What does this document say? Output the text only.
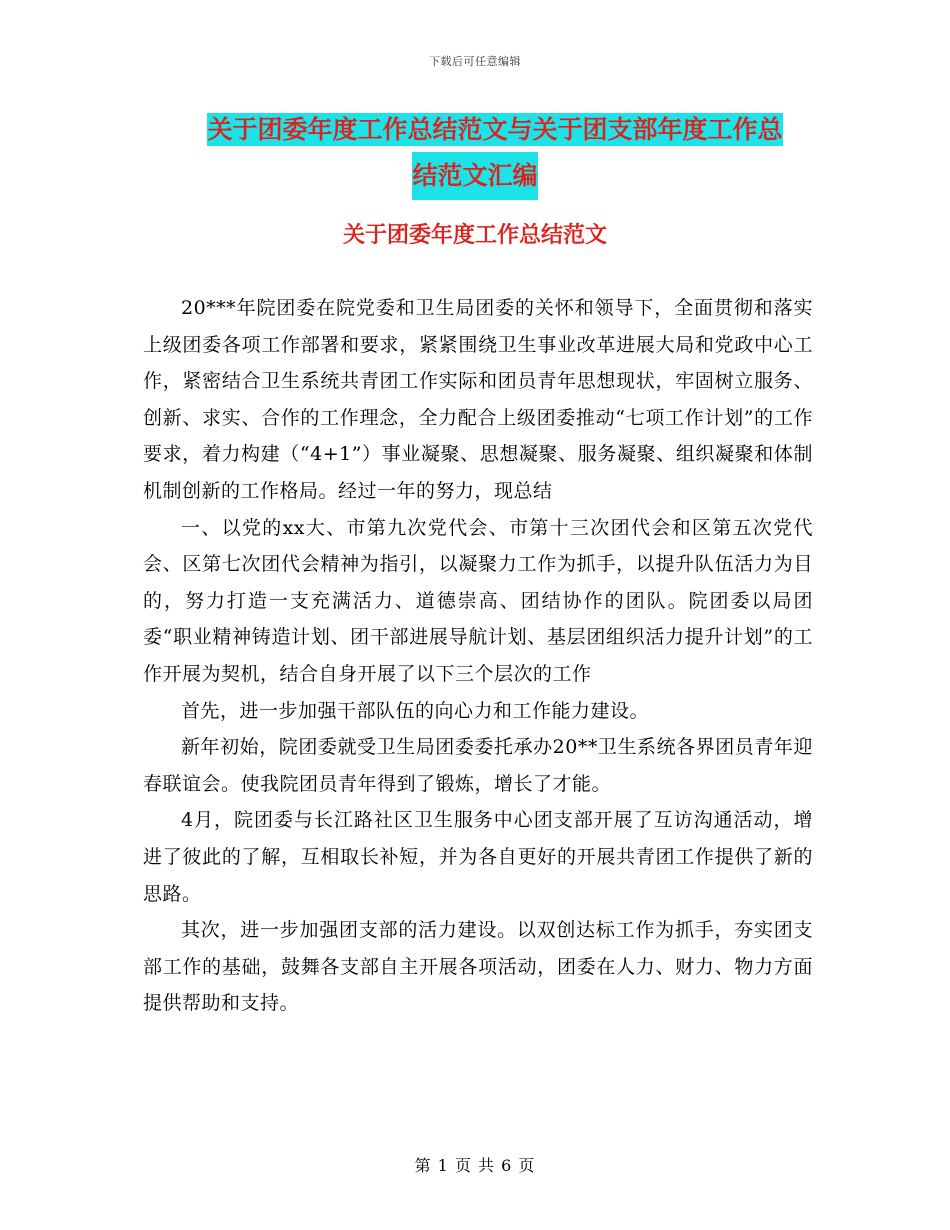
下载后可任意编辑
关于团委年度工作总结范文与关于团支部年度工作总
结范文汇编
关于团委年度工作总结范文

20***年院团委在院党委和卫生局团委的关怀和领导下，全面贯彻和落实上级团委各项工作部署和要求，紧紧围绕卫生事业改革进展大局和党政中心工作，紧密结合卫生系统共青团工作实际和团员青年思想现状，牢固树立服务、创新、求实、合作的工作理念，全力配合上级团委推动“七项工作计划”的工作要求，着力构建（“4+1”）事业凝聚、思想凝聚、服务凝聚、组织凝聚和体制机制创新的工作格局。经过一年的努力，现总结

一、以党的xx大、市第九次党代会、市第十三次团代会和区第五次党代会、区第七次团代会精神为指引，以凝聚力工作为抓手，以提升队伍活力为目的，努力打造一支充满活力、道德崇高、团结协作的团队。院团委以局团委“职业精神铸造计划、团干部进展导航计划、基层团组织活力提升计划”的工作开展为契机，结合自身开展了以下三个层次的工作

首先，进一步加强干部队伍的向心力和工作能力建设。

新年初始，院团委就受卫生局团委委托承办20**卫生系统各界团员青年迎春联谊会。使我院团员青年得到了锻炼，增长了才能。

4月，院团委与长江路社区卫生服务中心团支部开展了互访沟通活动，增进了彼此的了解，互相取长补短，并为各自更好的开展共青团工作提供了新的思路。

其次，进一步加强团支部的活力建设。以双创达标工作为抓手，夯实团支部工作的基础，鼓舞各支部自主开展各项活动，团委在人力、财力、物力方面提供帮助和支持。

第 1 页 共 6 页
